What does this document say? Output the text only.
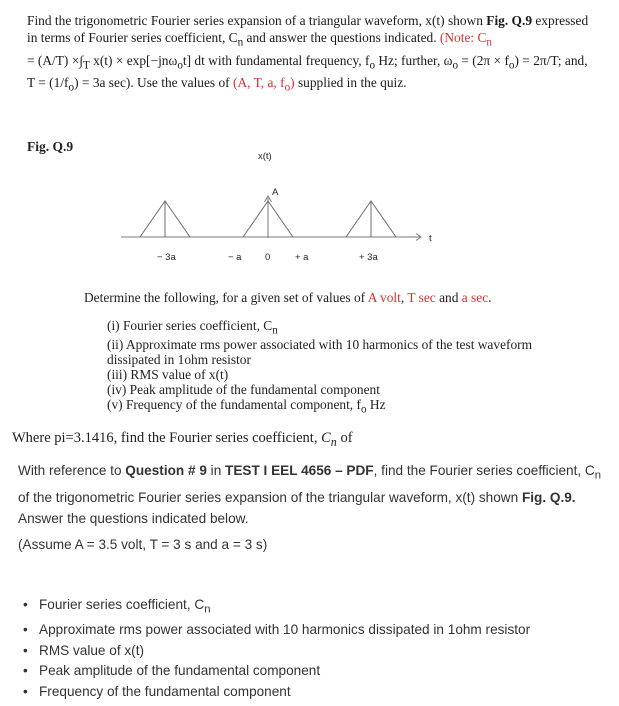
Find the trigonometric Fourier series expansion of a triangular waveform, x(t) shown Fig. Q.9 expressed in terms of Fourier series coefficient, $C_n$ and answer the questions indicated. (Note: $C_n$
= $(A/T) \times\int_T$ x(t) × exp[−jnω$_o$t] dt with fundamental frequency, $f_o$ Hz; further, $\omega_o = (2\pi \times f_o) = 2\pi/T$; and, $T = (1/f_o) = 3a$ sec). Use the values of (A, T, a, $f_o$) supplied in the quiz.
Fig. Q.9
x(t)
A
t
− 3a	− a 0	+ a	+ 3a
Determine the following, for a given set of values of A volt, T sec and a sec.
(i) Fourier series coefficient, $C_n$
(ii) Approximate rms power associated with 10 harmonics of the test waveform
dissipated in 1ohm resistor
(iii) RMS value of x(t)
(iv) Peak amplitude of the fundamental component
(v) Frequency of the fundamental component, $f_o$ Hz
Where pi=3.1416, find the Fourier series coefficient, $C_n$ of
With reference to Question # 9 in TEST I EEL 4656 – PDF, find the Fourier series coefficient, $C_n$ of the trigonometric Fourier series expansion of the triangular waveform, x(t) shown Fig. Q.9. Answer the questions indicated below.
(Assume A = 3.5 volt, T = 3 s and a = 3 s)
• Fourier series coefficient, $C_n$
• Approximate rms power associated with 10 harmonics dissipated in 1ohm resistor
• RMS value of x(t)
• Peak amplitude of the fundamental component
• Frequency of the fundamental component
